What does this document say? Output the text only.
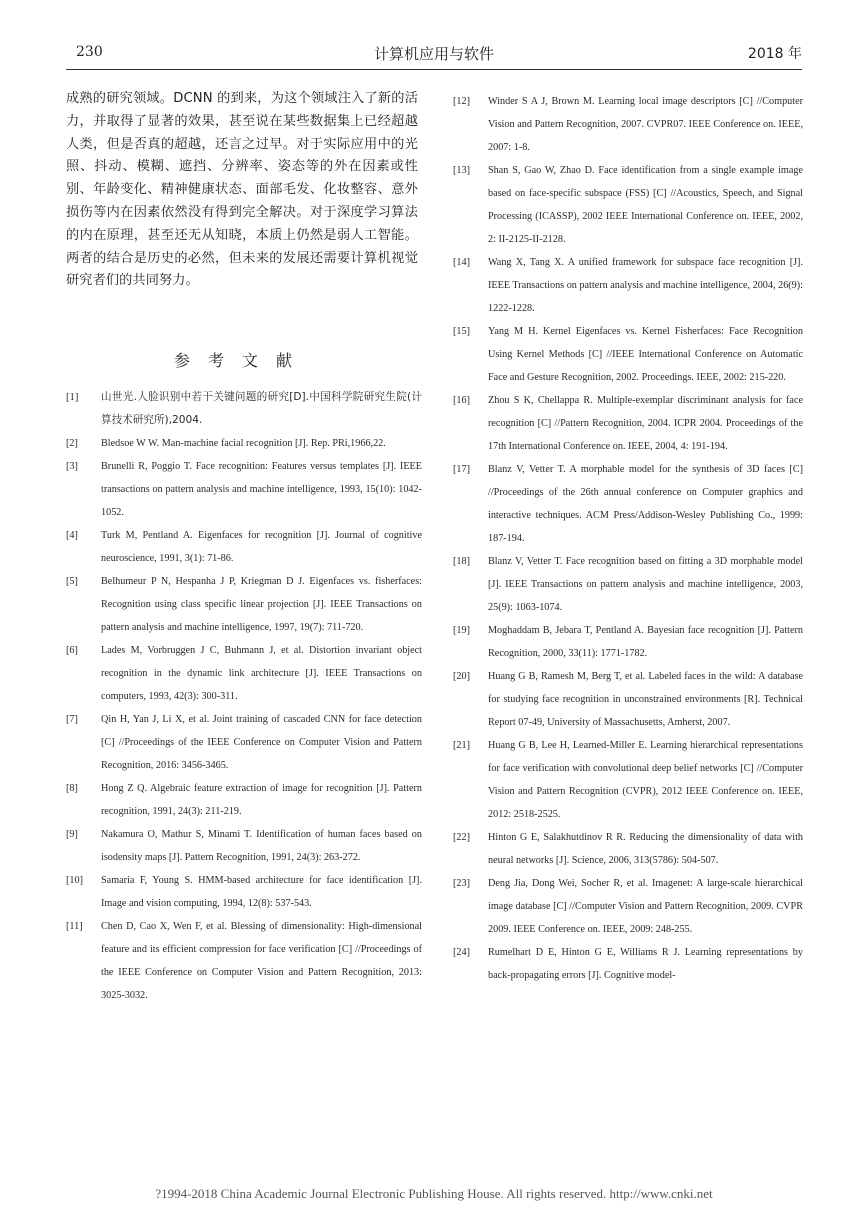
230	计算机应用与软件	2018 年
成熟的研究领域。DCNN 的到来，为这个领域注入了新的活力，并取得了显著的效果，甚至说在某些数据集上已经超越人类，但是否真的超越，还言之过早。对于实际应用中的光照、抖动、模糊、遮挡、分辨率、姿态等的外在因素或性别、年龄变化、精神健康状态、面部毛发、化妆整容、意外损伤等内在因素依然没有得到完全解决。对于深度学习算法的内在原理，甚至还无从知晓，本质上仍然是弱人工智能。两者的结合是历史的必然，但未来的发展还需要计算机视觉研究者们的共同努力。
参考文献
[1] 山世光.人脸识别中若干关键问题的研究[D].中国科学院研究生院(计算技术研究所),2004.
[2] Bledsoe W W. Man-machine facial recognition [J]. Rep. PRi,1966,22.
[3] Brunelli R, Poggio T. Face recognition: Features versus templates [J]. IEEE transactions on pattern analysis and machine intelligence, 1993, 15(10): 1042-1052.
[4] Turk M, Pentland A. Eigenfaces for recognition [J]. Journal of cognitive neuroscience, 1991, 3(1): 71-86.
[5] Belhumeur P N, Hespanha J P, Kriegman D J. Eigenfaces vs. fisherfaces: Recognition using class specific linear projection [J]. IEEE Transactions on pattern analysis and machine intelligence, 1997, 19(7): 711-720.
[6] Lades M, Vorbruggen J C, Buhmann J, et al. Distortion invariant object recognition in the dynamic link architecture [J]. IEEE Transactions on computers, 1993, 42(3): 300-311.
[7] Qin H, Yan J, Li X, et al. Joint training of cascaded CNN for face detection [C] //Proceedings of the IEEE Conference on Computer Vision and Pattern Recognition, 2016: 3456-3465.
[8] Hong Z Q. Algebraic feature extraction of image for recognition [J]. Pattern recognition, 1991, 24(3): 211-219.
[9] Nakamura O, Mathur S, Minami T. Identification of human faces based on isodensity maps [J]. Pattern Recognition, 1991, 24(3): 263-272.
[10] Samaria F, Young S. HMM-based architecture for face identification [J]. Image and vision computing, 1994, 12(8): 537-543.
[11] Chen D, Cao X, Wen F, et al. Blessing of dimensionality: High-dimensional feature and its efficient compression for face verification [C] //Proceedings of the IEEE Conference on Computer Vision and Pattern Recognition, 2013: 3025-3032.
[12] Winder S A J, Brown M. Learning local image descriptors [C] //Computer Vision and Pattern Recognition, 2007. CVPR07. IEEE Conference on. IEEE, 2007: 1-8.
[13] Shan S, Gao W, Zhao D. Face identification from a single example image based on face-specific subspace (FSS) [C] //Acoustics, Speech, and Signal Processing (ICASSP), 2002 IEEE International Conference on. IEEE, 2002, 2: II-2125-II-2128.
[14] Wang X, Tang X. A unified framework for subspace face recognition [J]. IEEE Transactions on pattern analysis and machine intelligence, 2004, 26(9): 1222-1228.
[15] Yang M H. Kernel Eigenfaces vs. Kernel Fisherfaces: Face Recognition Using Kernel Methods [C] //IEEE International Conference on Automatic Face and Gesture Recognition, 2002. Proceedings. IEEE, 2002: 215-220.
[16] Zhou S K, Chellappa R. Multiple-exemplar discriminant analysis for face recognition [C] //Pattern Recognition, 2004. ICPR 2004. Proceedings of the 17th International Conference on. IEEE, 2004, 4: 191-194.
[17] Blanz V, Vetter T. A morphable model for the synthesis of 3D faces [C] //Proceedings of the 26th annual conference on Computer graphics and interactive techniques. ACM Press/Addison-Wesley Publishing Co., 1999: 187-194.
[18] Blanz V, Vetter T. Face recognition based on fitting a 3D morphable model [J]. IEEE Transactions on pattern analysis and machine intelligence, 2003, 25(9): 1063-1074.
[19] Moghaddam B, Jebara T, Pentland A. Bayesian face recognition [J]. Pattern Recognition, 2000, 33(11): 1771-1782.
[20] Huang G B, Ramesh M, Berg T, et al. Labeled faces in the wild: A database for studying face recognition in unconstrained environments [R]. Technical Report 07-49, University of Massachusetts, Amherst, 2007.
[21] Huang G B, Lee H, Learned-Miller E. Learning hierarchical representations for face verification with convolutional deep belief networks [C] //Computer Vision and Pattern Recognition (CVPR), 2012 IEEE Conference on. IEEE, 2012: 2518-2525.
[22] Hinton G E, Salakhutdinov R R. Reducing the dimensionality of data with neural networks [J]. Science, 2006, 313(5786): 504-507.
[23] Deng Jia, Dong Wei, Socher R, et al. Imagenet: A large-scale hierarchical image database [C] //Computer Vision and Pattern Recognition, 2009. CVPR 2009. IEEE Conference on. IEEE, 2009: 248-255.
[24] Rumelhart D E, Hinton G E, Williams R J. Learning representations by back-propagating errors [J]. Cognitive model-
?1994-2018 China Academic Journal Electronic Publishing House. All rights reserved. http://www.cnki.net
